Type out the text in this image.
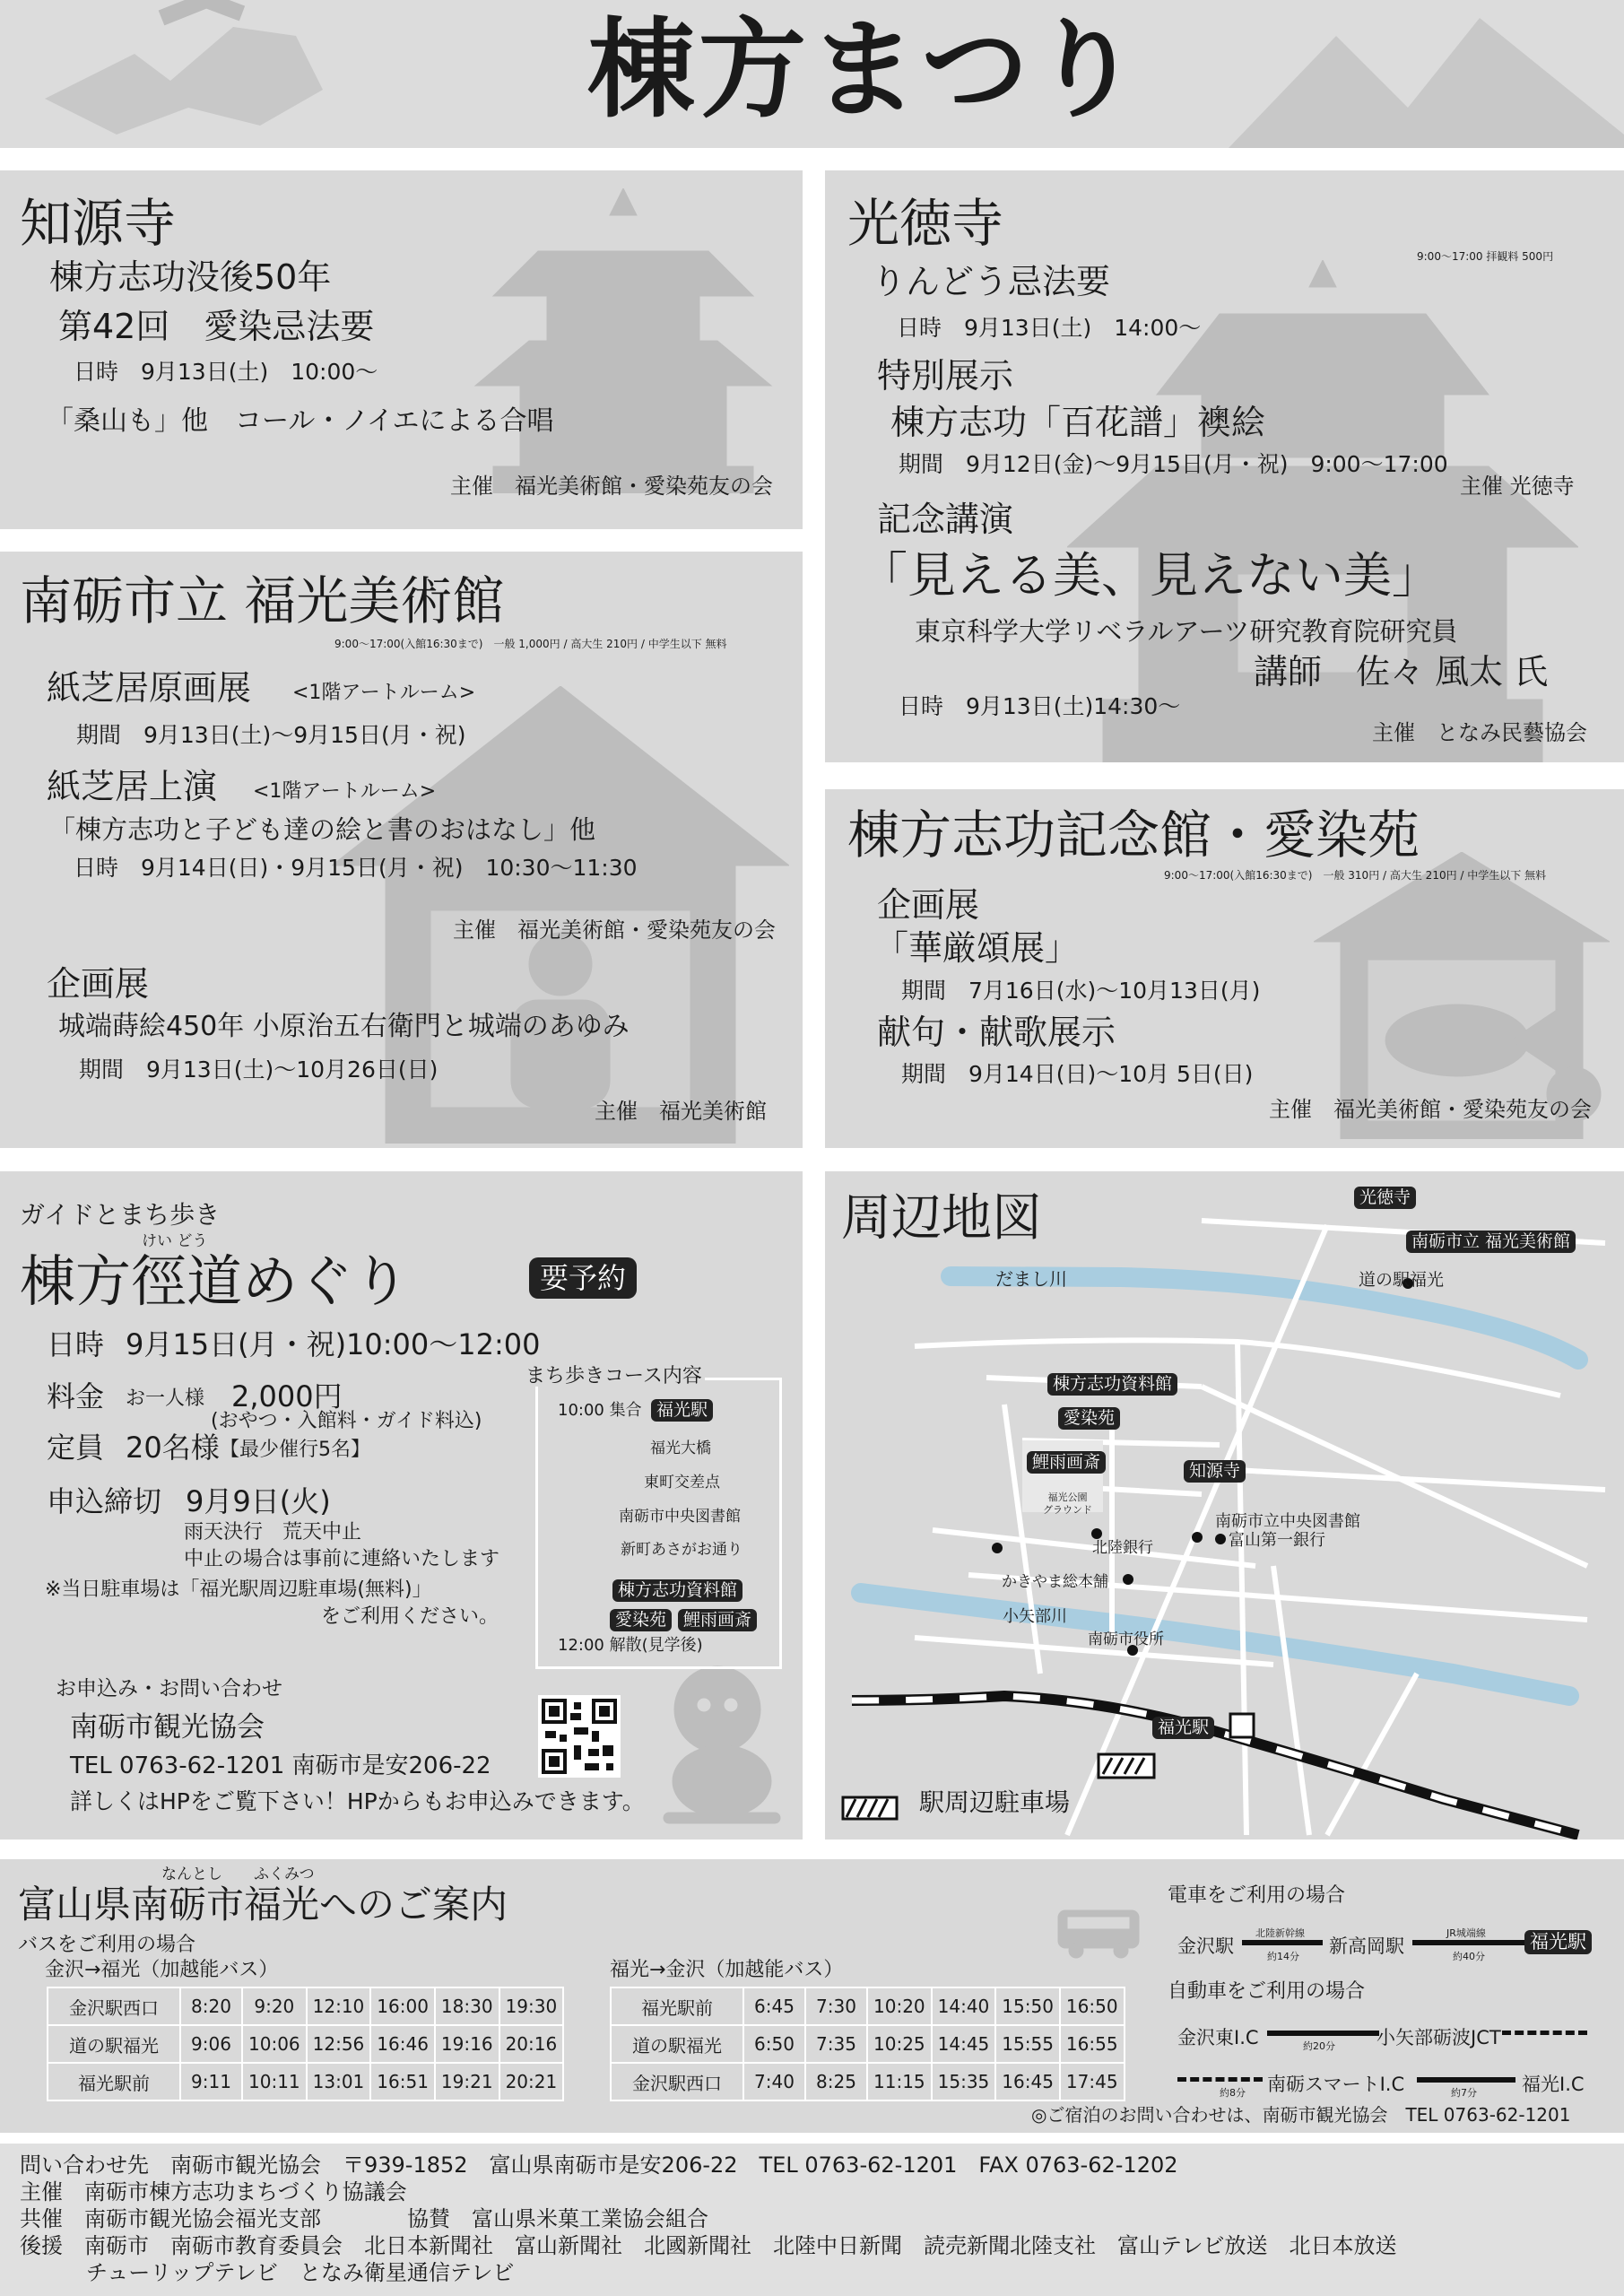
棟方まつり
知源寺
棟方志功没後50年
第42回　愛染忌法要
日時　9月13日(土)　10:00～
「桑山も」他　コール・ノイエによる合唱
主催　福光美術館・愛染苑友の会
南砺市立 福光美術館
9:00～17:00(入館16:30まで)　一般 1,000円 / 高大生 210円 / 中学生以下 無料
紙芝居原画展 <1階アートルーム>
期間　9月13日(土)～9月15日(月・祝)
紙芝居上演 <1階アートルーム>
「棟方志功と子ども達の絵と書のおはなし」他
日時　9月14日(日)・9月15日(月・祝)　10:30～11:30
主催　福光美術館・愛染苑友の会
企画展
城端蒔絵450年 小原治五右衛門と城端のあゆみ
期間　9月13日(土)～10月26日(日)
主催　福光美術館
光徳寺
9:00～17:00 拝観料 500円
りんどう忌法要
日時　9月13日(土)　14:00～
特別展示
棟方志功「百花譜」襖絵
期間　9月12日(金)～9月15日(月・祝)　9:00～17:00
主催 光徳寺
記念講演
「見える美、見えない美」
東京科学大学リベラルアーツ研究教育院研究員
講師　佐々 風太 氏
日時　9月13日(土)14:30～
主催　となみ民藝協会
棟方志功記念館・愛染苑
9:00～17:00(入館16:30まで)　一般 310円 / 高大生 210円 / 中学生以下 無料
企画展
「華厳頌展」
期間　7月16日(水)～10月13日(月)
献句・献歌展示
期間　9月14日(日)～10月 5日(日)
主催　福光美術館・愛染苑友の会
ガイドとまち歩き
けい どう
棟方徑道めぐり	要予約
日時 9月15日(月・祝)10:00～12:00
料金 お一人様 2,000円
(おやつ・入館料・ガイド料込)
定員 20名様 【最少催行5名】
申込締切 9月9日(火)
雨天決行　荒天中止
中止の場合は事前に連絡いたします
※当日駐車場は「福光駅周辺駐車場(無料)」
をご利用ください。
まち歩きコース内容
10:00 集合 福光駅
福光大橋
東町交差点
南砺市中央図書館
新町あさがお通り
棟方志功資料館
愛染苑 鯉雨画斎
12:00 解散(見学後)
お申込み・お問い合わせ
南砺市観光協会
TEL 0763-62-1201 南砺市是安206-22
詳しくはHPをご覧下さい！HPからもお申込みできます。
周辺地図	光徳寺
南砺市立 福光美術館
だまし川	道の駅福光
棟方志功資料館
愛染苑
鯉雨画斎	知源寺
福光公園
グラウンド
南砺市立中央図書館
富山第一銀行
北陸銀行
かきやま総本舗
小矢部川
南砺市役所
福光駅
駅周辺駐車場
なんとし ふくみつ
富山県南砺市福光へのご案内
バスをご利用の場合
金沢→福光（加越能バス）
金沢駅西口	8:20	9:20	12:10	16:00	18:30	19:30
道の駅福光	9:06	10:06	12:56	16:46	19:16	20:16
福光駅前	9:11	10:11	13:01	16:51	19:21	20:21
福光→金沢（加越能バス）
福光駅前	6:45	7:30	10:20	14:40	15:50	16:50
道の駅福光	6:50	7:35	10:25	14:45	15:55	16:55
金沢駅西口	7:40	8:25	11:15	15:35	16:45	17:45
電車をご利用の場合
金沢駅
北陸新幹線
約14分 新高岡駅
JR城端線
約40分
福光駅
自動車をご利用の場合
金沢東I.C	約20分 小矢部砺波JCT
約8分 南砺スマートI.C	約7分 福光I.C
◎ご宿泊のお問い合わせは、南砺市観光協会　TEL 0763-62-1201
問い合わせ先　南砺市観光協会　〒939-1852　富山県南砺市是安206-22　TEL 0763-62-1201　FAX 0763-62-1202
主催　南砺市棟方志功まちづくり協議会
共催　南砺市観光協会福光支部　　　　協賛　富山県米菓工業協会組合
後援　南砺市　南砺市教育委員会　北日本新聞社　富山新聞社　北國新聞社　北陸中日新聞　読売新聞北陸支社　富山テレビ放送　北日本放送
チューリップテレビ　となみ衛星通信テレビ
